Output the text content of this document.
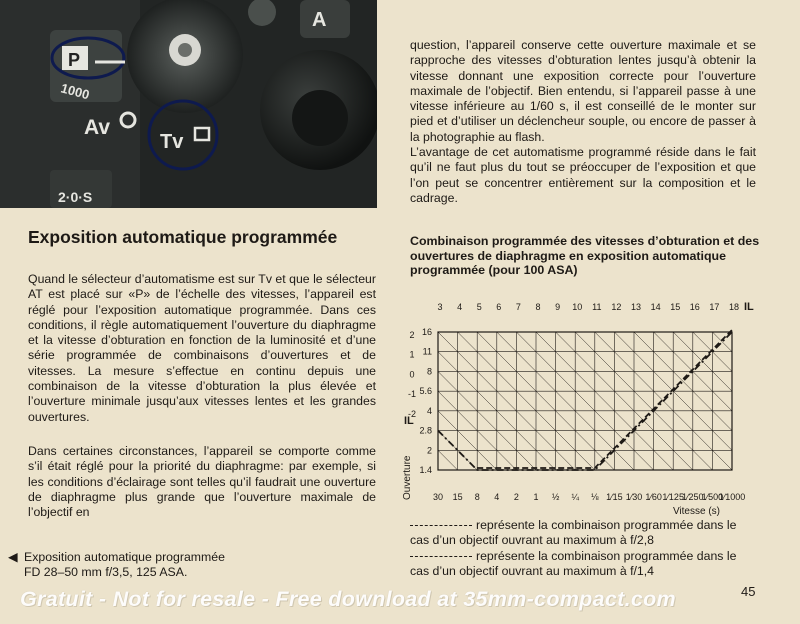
P
1000
Av
Tv
A
2·0·S
Exposition automatique programmée

Quand le sélecteur d’automatisme est sur Tv et que le sélecteur AT est placé sur «P» de l’échelle des vitesses, l’appareil est réglé pour l’exposition automatique programmée. Dans ces conditions, il règle automatiquement l’ouverture du diaphragme et la vitesse d’obturation en fonction de la luminosité et d’une série programmée de combinaisons d’ouvertures et de vitesses. La mesure s’effectue en continu depuis une combinaison de la vitesse d’obturation la plus élevée et l’ouverture minimale jusqu’aux vitesses lentes et les grandes ouvertures.

Dans certaines circonstances, l’appareil se comporte comme s’il était réglé pour la priorité du diaphragme: par exemple, si les conditions d’éclairage sont telles qu’il faudrait une ouverture de diaphragme plus grande que l’ouverture maximale de l’objectif en

question, l’appareil conserve cette ouverture maximale et se rapproche des vitesses d’obturation lentes jusqu’à obtenir la vitesse donnant une exposition correcte pour l’ouverture maximale de l’objectif. Bien entendu, si l’appareil passe à une vitesse inférieure au 1/60 s, il est conseillé de le monter sur pied et d’utiliser un déclencheur souple, ou encore de passer à la photographie au flash.

L’avantage de cet automatisme programmé réside dans le fait qu’il ne faut plus du tout se préoccuper de l’exposition et que l’on peut se concentrer entièrement sur la composition et le cadrage.

Combinaison programmée des vitesses d’obturation et des ouvertures de diaphragme en exposition automatique programmée (pour 100 ASA)

30 15 8 4 2 1 ½ ¼ ⅛ 1⁄15 1⁄30 1⁄60 1⁄125
1⁄250
1⁄500
1⁄1000
1.4
2
2.8
4
5.6
8
11
16
3 4 5 6 7 8 9 10 11 12 13 14 15 16 17 18
2
1
0
-1
-2
Vitesse (s)
Ouverture
IL
IL

représente la combinaison programmée dans le cas d’un objectif ouvrant au maximum à f/2,8

représente la combinaison programmée dans le cas d’un objectif ouvrant au maximum à f/1,4

◀ Exposition automatique programmée
FD 28–50 mm f/3,5, 125 ASA.

Gratuit - Not for resale - Free download at 35mm-compact.com	45
